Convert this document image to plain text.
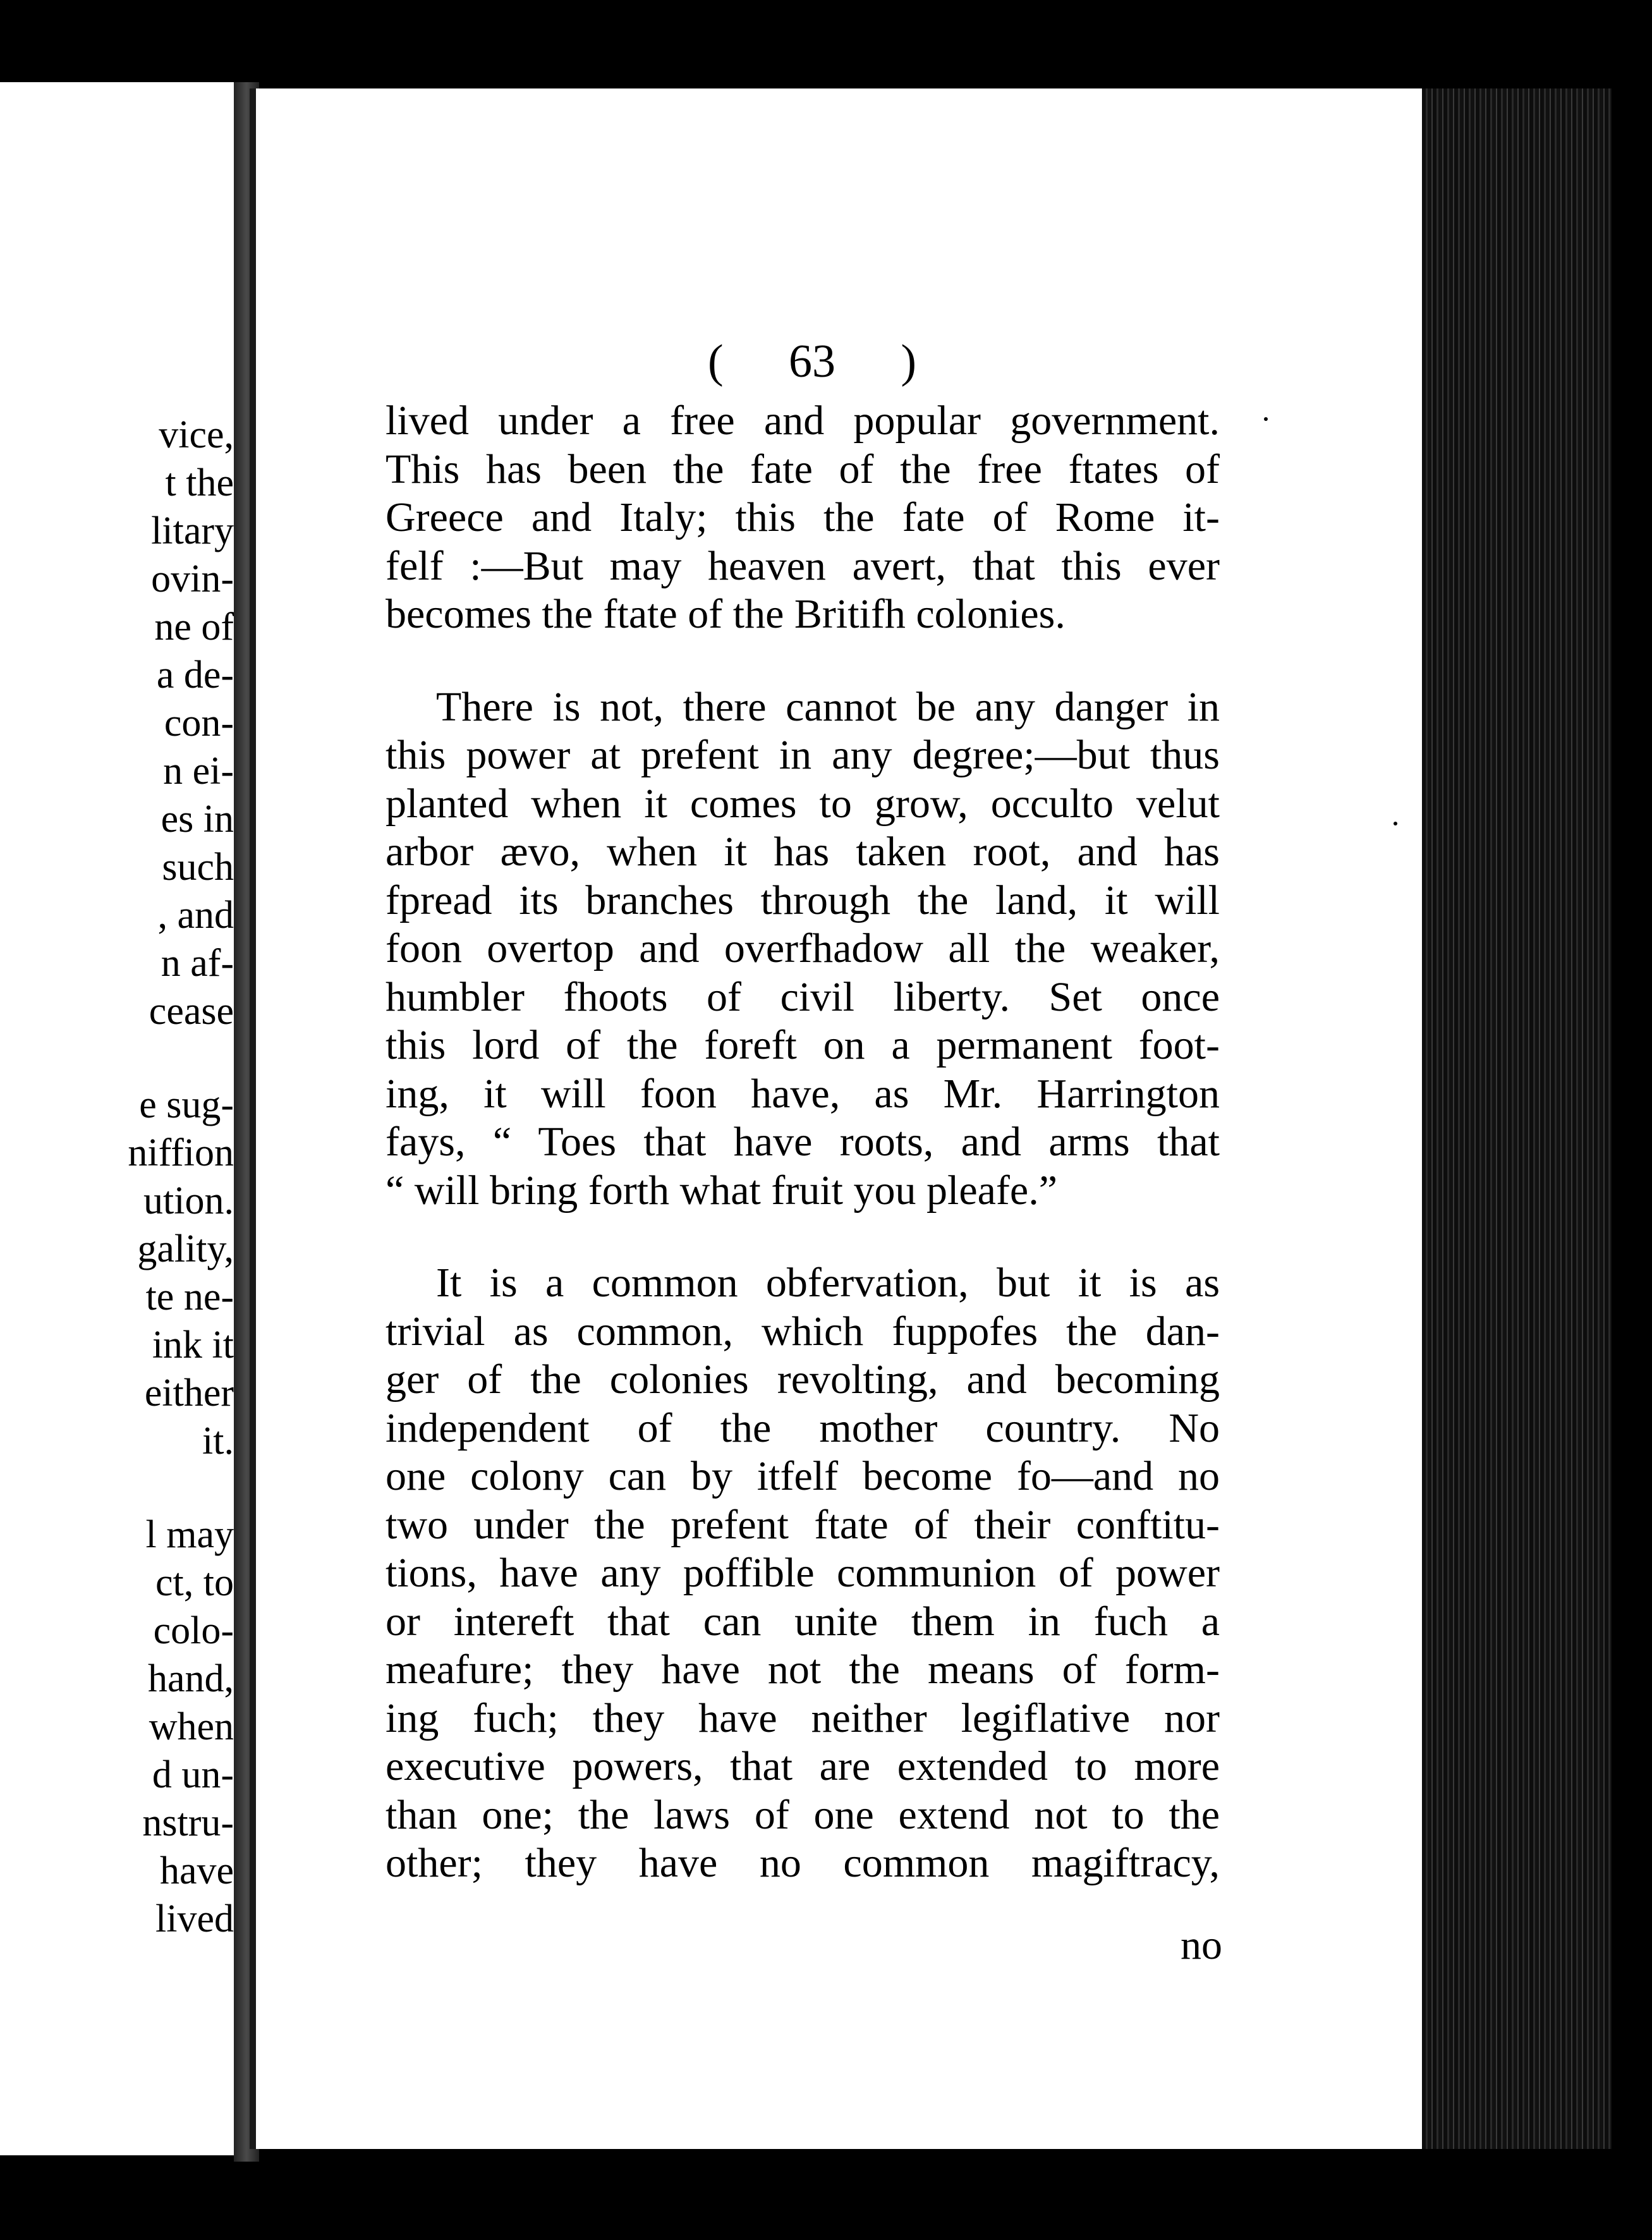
vice,
t the
litary
ovin-
ne of
a de-
con-
n ei-
es in
such
, and
n af-
cease
e sug-
niffion
ution.
gality,
te ne-
ink it
either
it.
l may
ct, to
colo-
hand,
when
d un-
nstru-
have
lived
( 63 )
lived under a free and popular government.
This has been the fate of the free ftates of
Greece and Italy; this the fate of Rome it-
felf :—But may heaven avert, that this ever
becomes the ftate of the Britifh colonies.
There is not, there cannot be any danger in
this power at prefent in any degree;—but thus
planted when it comes to grow, occulto velut
arbor ævo, when it has taken root, and has
fpread its branches through the land, it will
foon overtop and overfhadow all the weaker,
humbler fhoots of civil liberty. Set once
this lord of the foreft on a permanent foot-
ing, it will foon have, as Mr. Harrington
fays, “ Toes that have roots, and arms that
“ will bring forth what fruit you pleafe.”
It is a common obfervation, but it is as
trivial as common, which fuppofes the dan-
ger of the colonies revolting, and becoming
independent of the mother country. No
one colony can by itfelf become fo—and no
two under the prefent ftate of their conftitu-
tions, have any poffible communion of power
or intereft that can unite them in fuch a
meafure; they have not the means of form-
ing fuch; they have neither legiflative nor
executive powers, that are extended to more
than one; the laws of one extend not to the
other; they have no common magiftracy,
no
